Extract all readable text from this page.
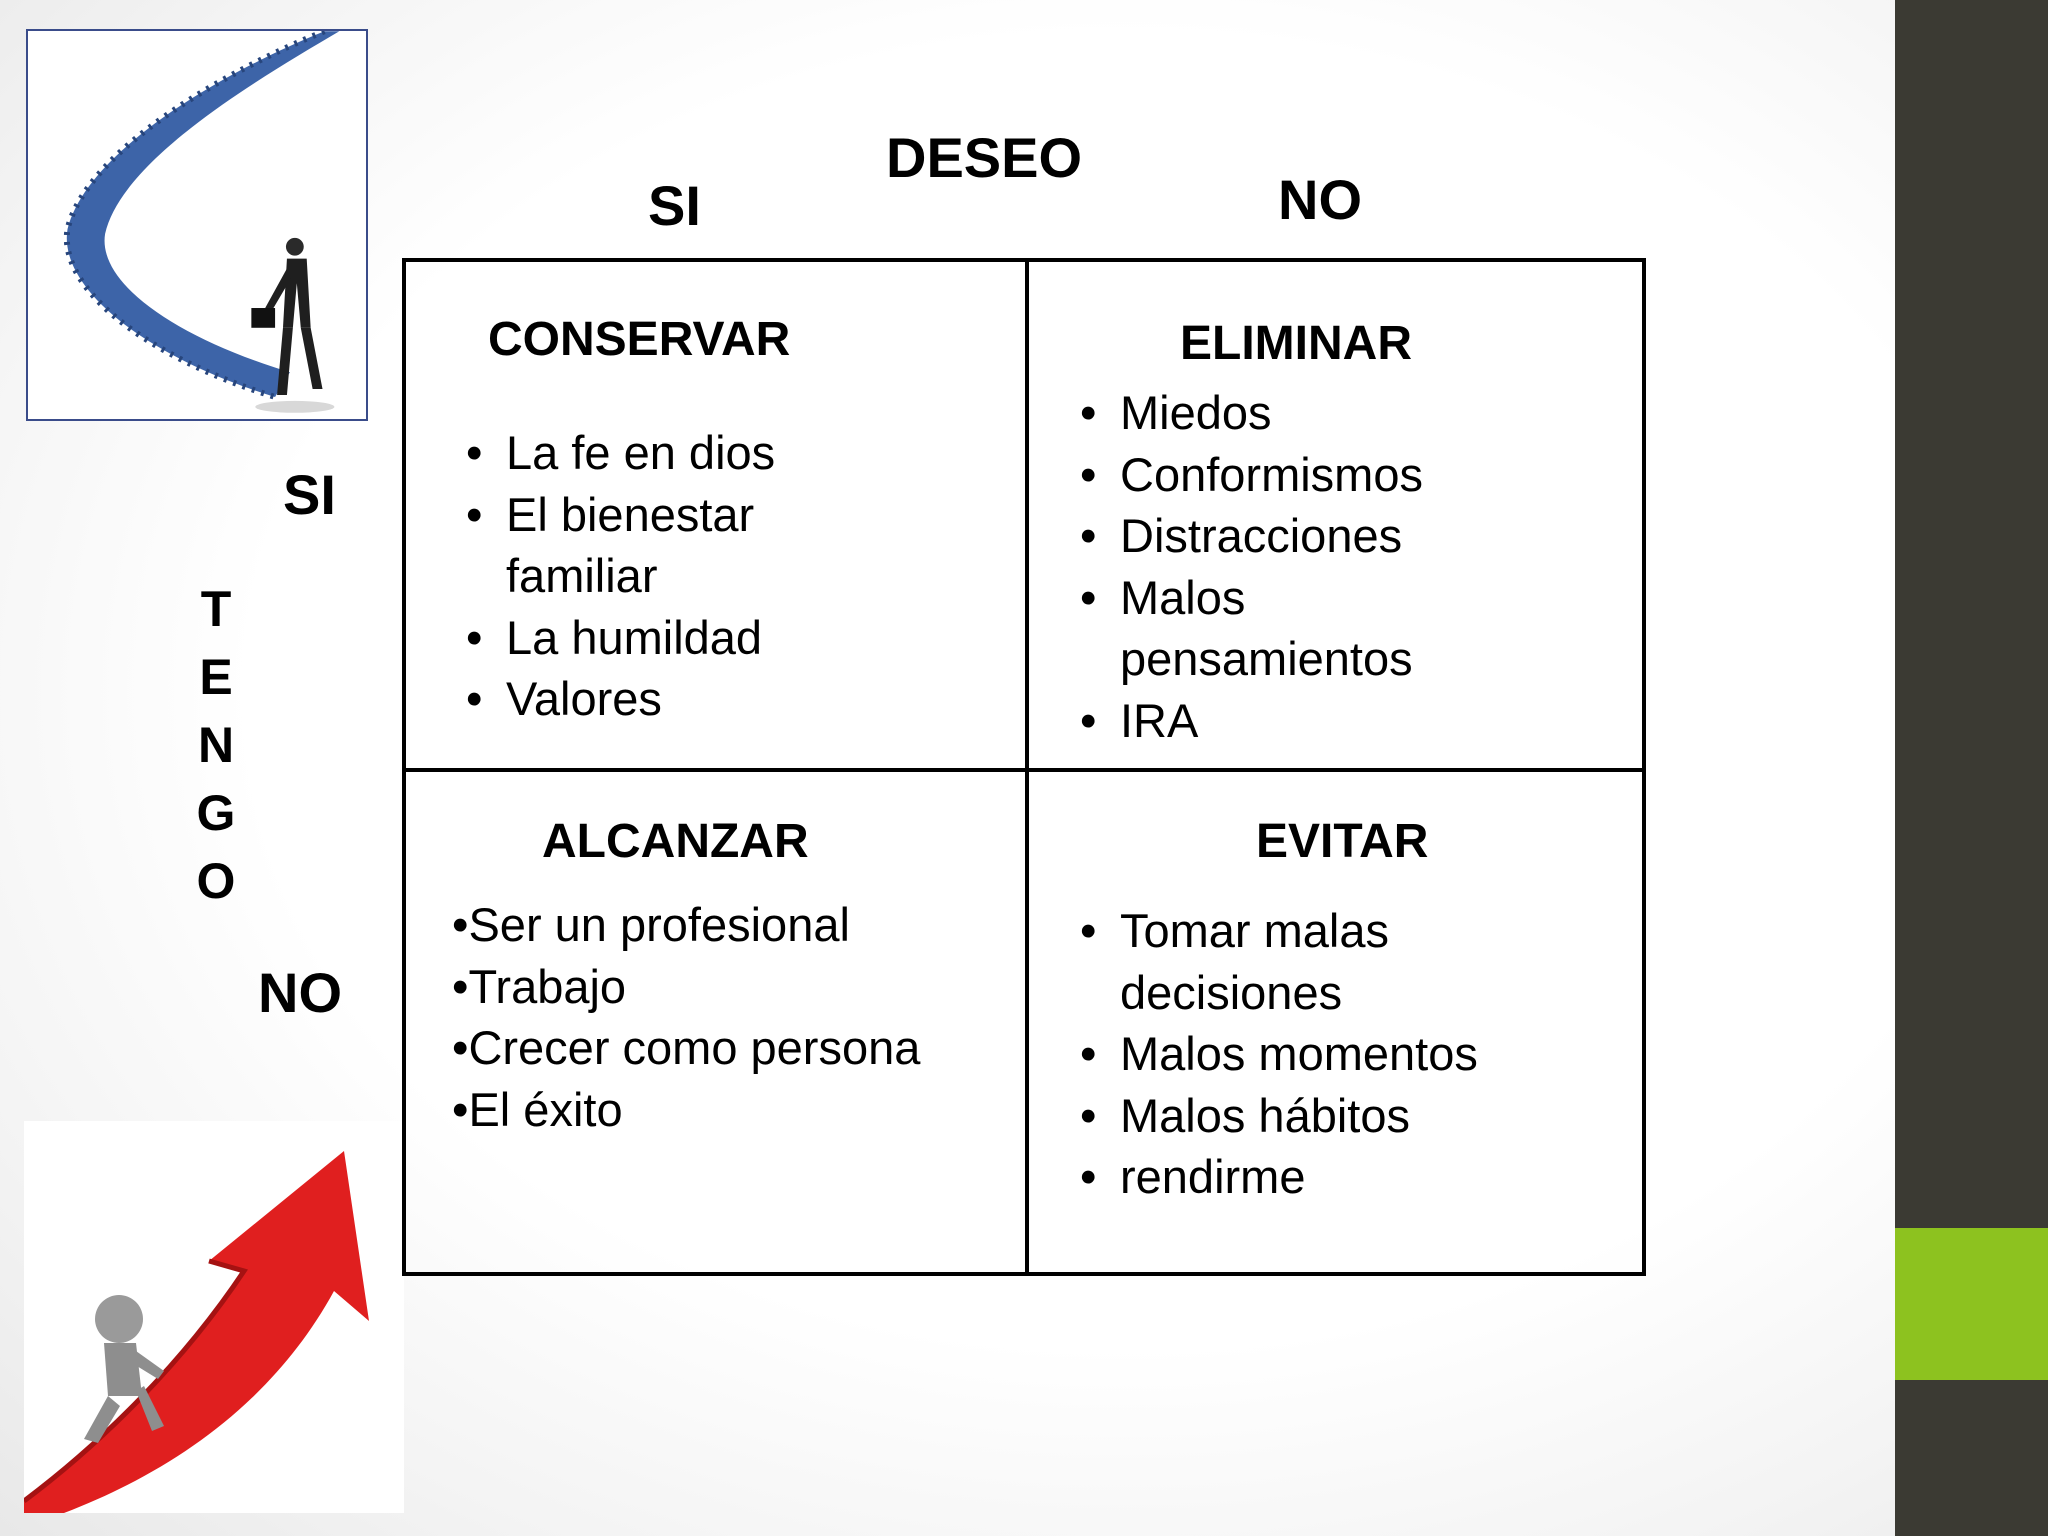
DESEO
SI	NO
SI
NO
T
E
N
G
O
CONSERVAR
• La fe en dios
• El bienestar familiar
• La humildad
• Valores
ELIMINAR
• Miedos
• Conformismos
• Distracciones
• Malos pensamientos
• IRA
ALCANZAR
•Ser un profesional
•Trabajo
•Crecer como persona
•El éxito
EVITAR
• Tomar malas decisiones
• Malos momentos
• Malos hábitos
• rendirme
